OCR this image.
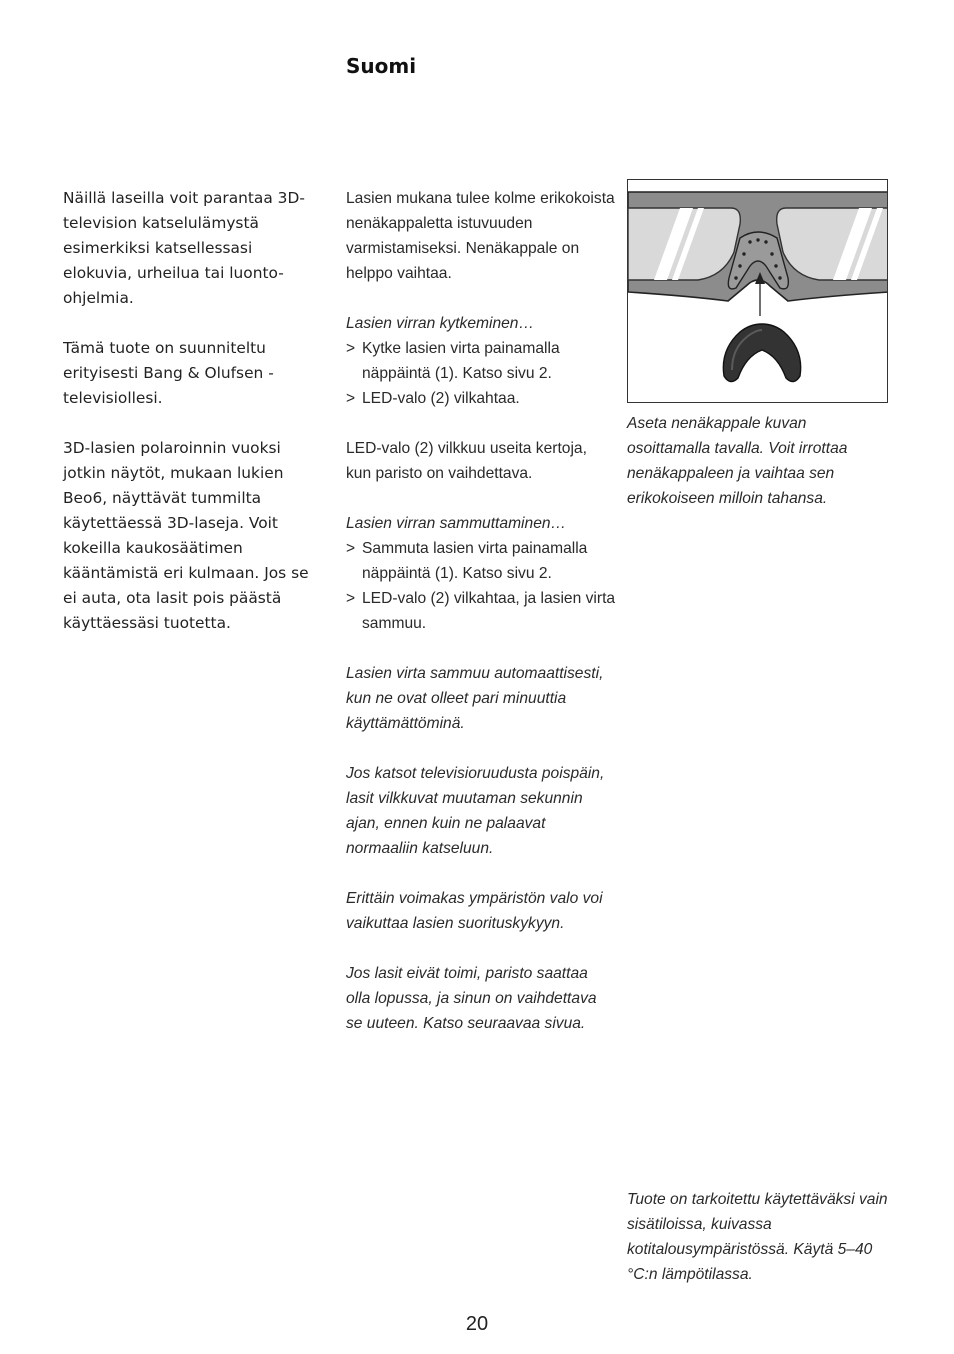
Suomi

Näillä laseilla voit parantaa 3D-television katselulämystä esimerkiksi katsellessasi elokuvia, urheilua tai luonto-ohjelmia.

Tämä tuote on suunniteltu erityisesti Bang & Olufsen -televisiollesi.

3D-lasien polaroinnin vuoksi jotkin näytöt, mukaan lukien Beo6, näyttävät tummilta käytettäessä 3D-laseja. Voit kokeilla kaukosäätimen kääntämistä eri kulmaan. Jos se ei auta, ota lasit pois päästä käyttäessäsi tuotetta.

Lasien mukana tulee kolme erikokoista nenäkappaletta istuvuuden varmistamiseksi. Nenäkappale on helppo vaihtaa.

Lasien virran kytkeminen…
> Kytke lasien virta painamalla näppäintä (1). Katso sivu 2.
> LED-valo (2) vilkahtaa.

LED-valo (2) vilkkuu useita kertoja, kun paristo on vaihdettava.

Lasien virran sammuttaminen…
> Sammuta lasien virta painamalla näppäintä (1). Katso sivu 2.
> LED-valo (2) vilkahtaa, ja lasien virta sammuu.

Lasien virta sammuu automaattisesti, kun ne ovat olleet pari minuuttia käyttämättöminä.

Jos katsot televisioruudusta poispäin, lasit vilkkuvat muutaman sekunnin ajan, ennen kuin ne palaavat normaaliin katseluun.

Erittäin voimakas ympäristön valo voi vaikuttaa lasien suorituskykyyn.

Jos lasit eivät toimi, paristo saattaa olla lopussa, ja sinun on vaihdettava se uuteen. Katso seuraavaa sivua.

Aseta nenäkappale kuvan osoittamalla tavalla. Voit irrottaa nenäkappaleen ja vaihtaa sen erikokoiseen milloin tahansa.
Tuote on tarkoitettu käytettäväksi vain sisätiloissa, kuivassa kotitalousympäristössä. Käytä 5–40 °C:n lämpötilassa.
20
